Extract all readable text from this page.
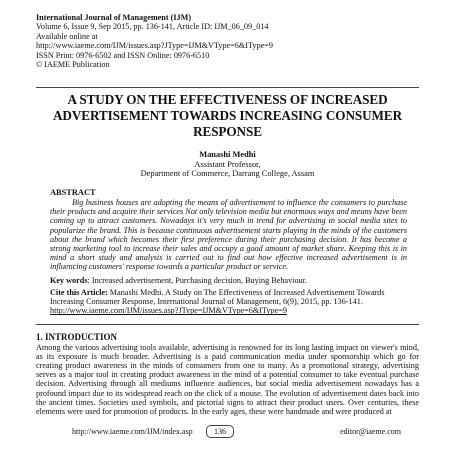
International Journal of Management (IJM)
Volume 6, Issue 9, Sep 2015, pp. 136-141, Article ID: IJM_06_09_014
Available online at
http://www.iaeme.com/IJM/issues.asp?JType=IJM&VType=6&IType=9
ISSN Print: 0976-6502 and ISSN Online: 0976-6510
© IAEME Publication
A STUDY ON THE EFFECTIVENESS OF INCREASED ADVERTISEMENT TOWARDS INCREASING CONSUMER RESPONSE
Manashi Medhi
Assistant Professor,
Department of Commerce, Darrang College, Assam
ABSTRACT
Big business houses are adopting the means of advertisement to influence the consumers to purchase their products and acquire their services Not only television media but enormous ways and means have been coming up to attract customers. Nowadays it's very much in trend for advertising in social media sites to popularize the brand. This is because continuous advertisement starts playing in the minds of the customers about the brand which becomes their first preference during their purchasing decision. It has become a strong marketing tool to increase their sales and occupy a good amount of market share. Keeping this is in mind a short study and analysis is carried out to find out how effective increased advertisement is in influencing customers' response towards a particular product or service.
Key words: Increased advertisement, Purchasing decision, Buying Behaviour.
Cite this Article: Manashi Medhi. A Study on The Effectiveness of Increased Advertisement Towards Increasing Consumer Response, International Journal of Management, 6(9), 2015, pp. 136-141.
http://www.iaeme.com/IJM/issues.asp?JType=IJM&VType=6&IType=9
1. INTRODUCTION
Among the various advertising tools available, advertising is renowned for its long lasting impact on viewer's mind, as its exposure is much broader. Advertising is a paid communication media under sponsorship which go for creating product awareness in the minds of consumers from one to many. As a promotional strategy, advertising serves as a major tool in creating product awareness in the mind of a potential consumer to take eventual purchase decision. Advertising through all mediums influence audiences, but social media advertisement nowadays has a profound impact due to its widespread reach on the click of a mouse. The evolution of advertisement dates back into the ancient times. Societies used symbols, and pictorial signs to attract their product users. Over centuries, these elements were used for promotion of products. In the early ages, these were handmade and were produced at
http://www.iaeme.com/IJM/index.asp	136	editor@iaeme.com
